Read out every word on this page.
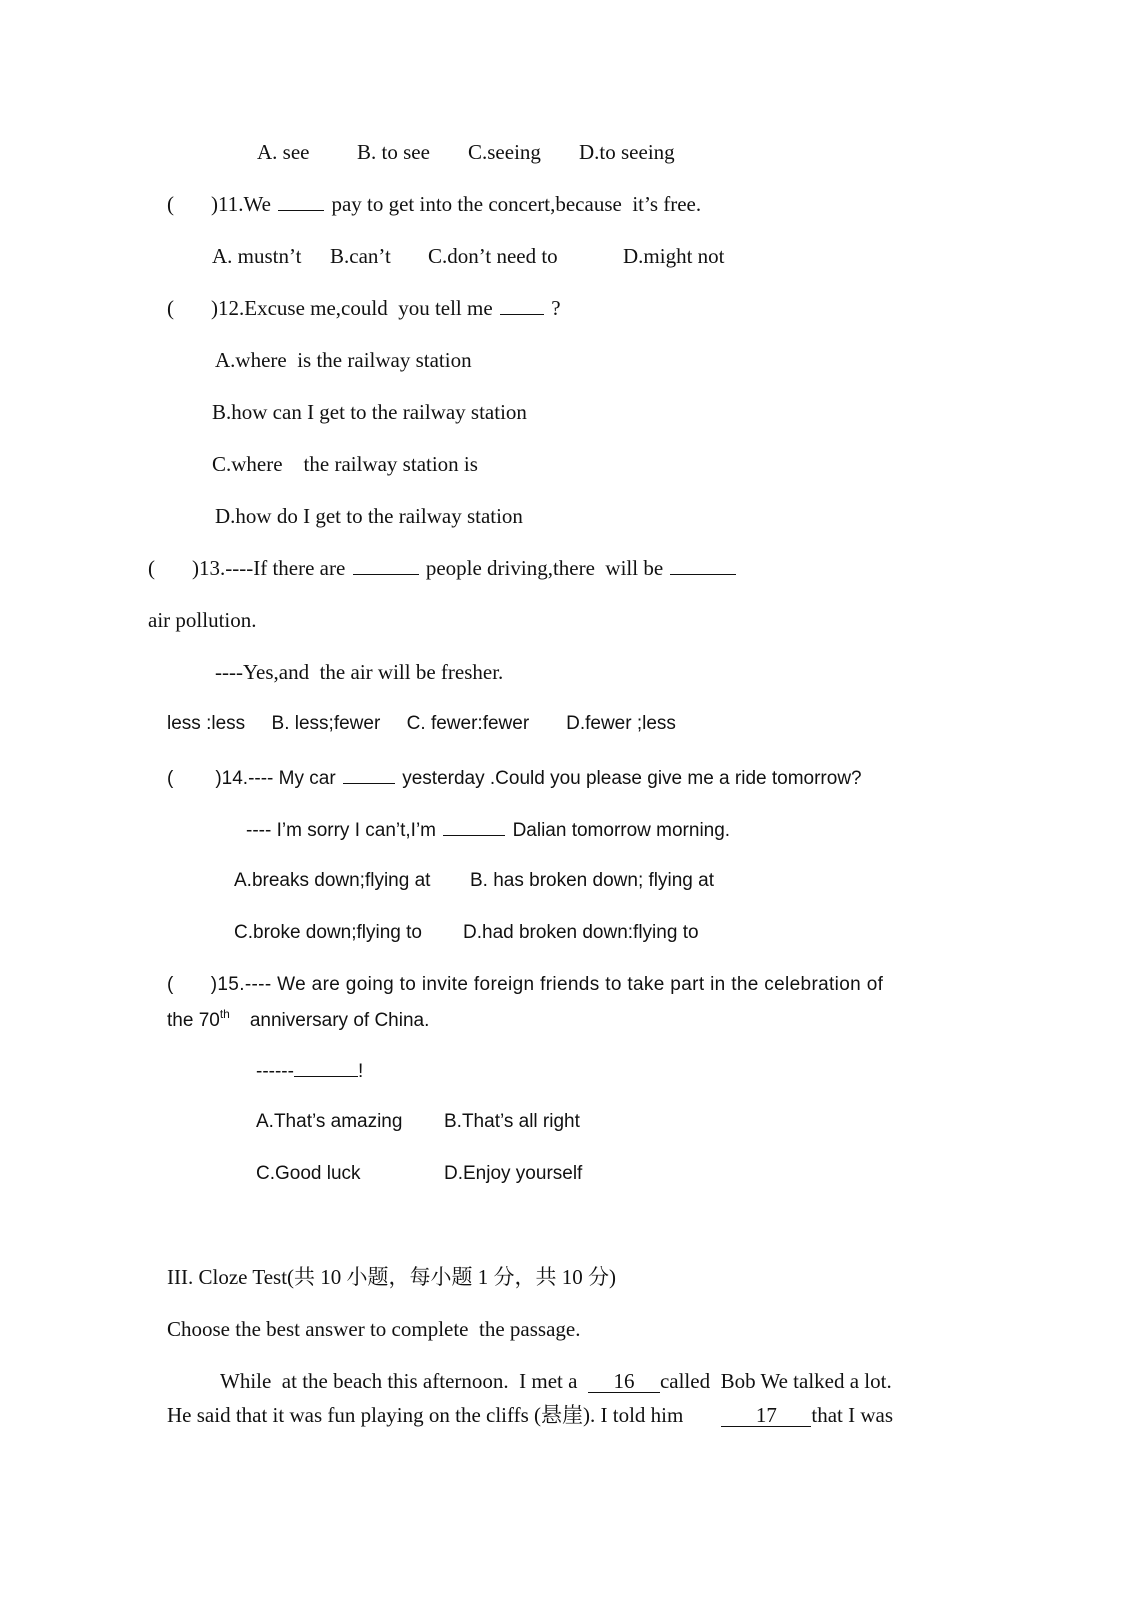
A. see B. to see C.seeing D.to seeing
( )11.We	pay to get into the concert,because  it’s free.
A. mustn’t B.can’t C.don’t need to	D.might not
( )12.Excuse me,could  you tell me	?
A.where  is the railway station
B.how can I get to the railway station
C.where    the railway station is
D.how do I get to the railway station
( )13.----If there are	people driving,there  will be
air pollution.
----Yes,and  the air will be fresher.
less :less     B. less;fewer     C. fewer:fewer       D.fewer ;less
( )14.---- My car	yesterday .Could you please give me a ride tomorrow?
---- I’m sorry I can’t,I’m	Dalian tomorrow morning.
A.breaks down;flying at B. has broken down; flying at
C.broke down;flying to D.had broken down:flying to
( )15.---- We are going to invite foreign friends to take part in the celebration of
the 70th anniversary of China.
------	!
A.That’s amazing B.That’s all right
C.Good luck	D.Enjoy yourself
III. Cloze Test(共 10 小题，每小题 1 分，共 10 分)
Choose the best answer to complete  the passage.
While  at the beach this afternoon.  I met a 16 called  Bob We talked a lot.
He said that it was fun playing on the cliffs (悬崖). I told him	17 that I was
